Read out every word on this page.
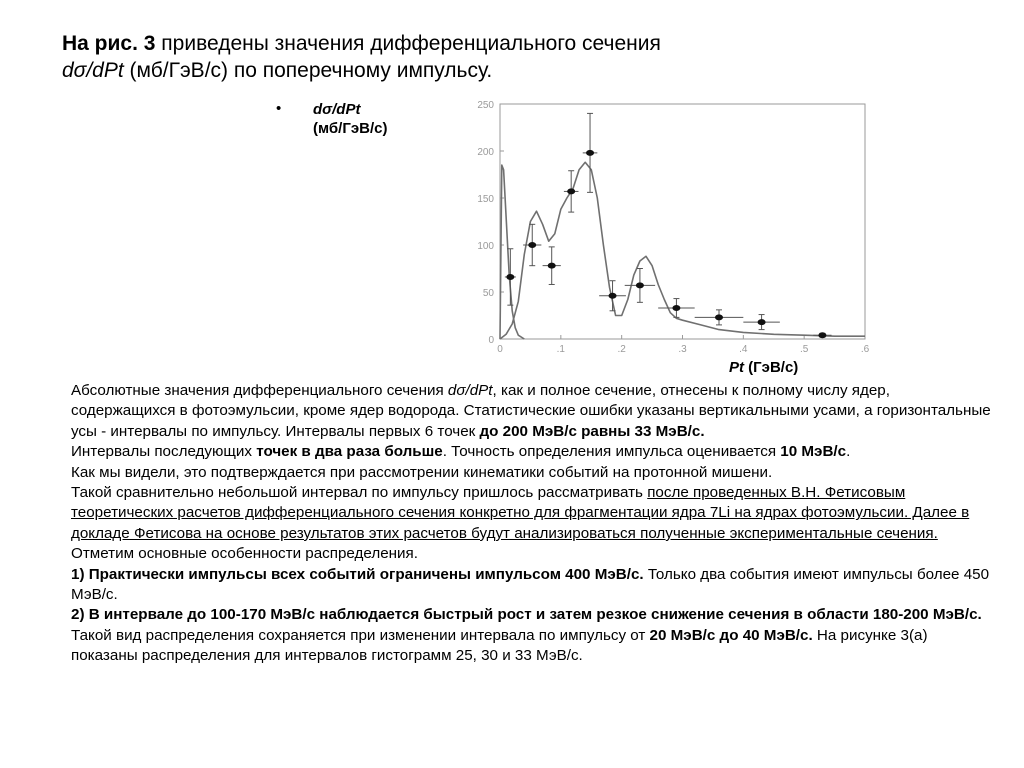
На рис. 3 приведены значения дифференциального сечения
dσ/dPt (мб/ГэВ/с) по поперечному импульсу.
• dσ/dPt
(мб/ГэВ/с)
0
50
100
150
200
250
0	.1	.2	.3	.4	.5	.6
Pt (ГэВ/с)

Абсолютные значения дифференциального сечения dσ/dPt, как и полное сечение, отнесены к полному числу ядер, содержащихся в фотоэмульсии, кроме ядер водорода. Статистические ошибки указаны вертикальными усами, а горизонтальные усы - интервалы по импульсу. Интервалы первых 6 точек до 200 МэВ/с равны 33 МэВ/с.

Интервалы последующих точек в два раза больше. Точность определения импульса оценивается 10 МэВ/с.

Как мы видели, это подтверждается при рассмотрении кинематики событий на протонной мишени.

Такой сравнительно небольшой интервал по импульсу пришлось рассматривать после проведенных В.Н. Фетисовым теоретических расчетов дифференциального сечения конкретно для фрагментации ядра 7Li на ядрах фотоэмульсии. Далее в докладе Фетисова на основе результатов этих расчетов будут анализироваться полученные экспериментальные сечения.

Отметим основные особенности распределения.

1) Практически импульсы всех событий ограничены импульсом 400 МэВ/с. Только два события имеют импульсы более 450 МэВ/с.

2) В интервале до 100-170 МэВ/с наблюдается быстрый рост и затем резкое снижение сечения в области 180-200 МэВ/с.

Такой вид распределения сохраняется при изменении интервала по импульсу от 20 МэВ/с до 40 МэВ/с. На рисунке 3(а) показаны распределения для интервалов гистограмм 25, 30 и 33 МэВ/с.
